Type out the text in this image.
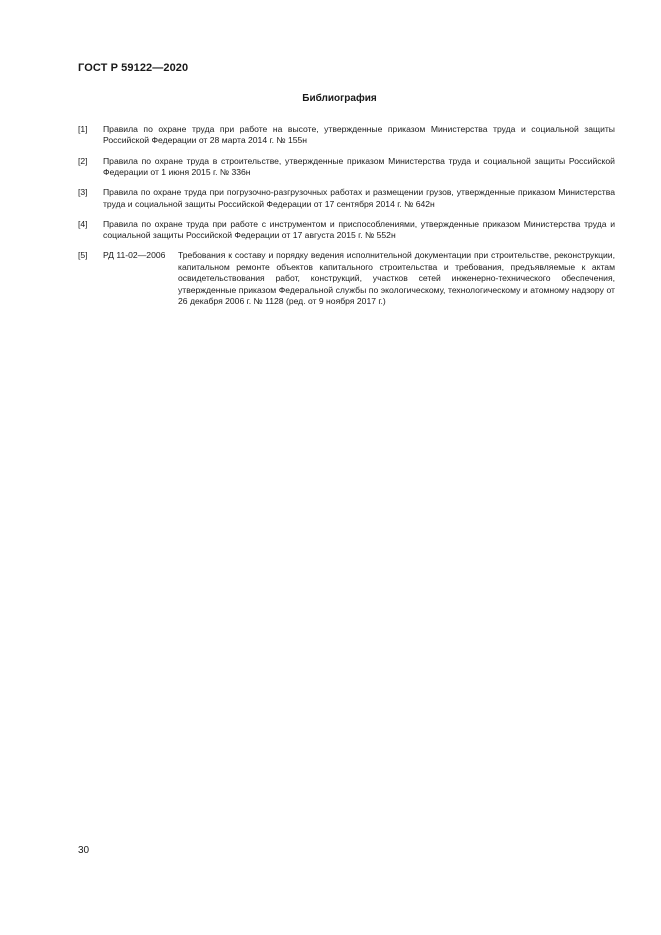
ГОСТ Р 59122—2020
Библиография
[1] Правила по охране труда при работе на высоте, утвержденные приказом Министерства труда и социальной защиты Российской Федерации от 28 марта 2014 г. № 155н
[2] Правила по охране труда в строительстве, утвержденные приказом Министерства труда и социальной защиты Российской Федерации от 1 июня 2015 г. № 336н
[3] Правила по охране труда при погрузочно-разгрузочных работах и размещении грузов, утвержденные приказом Министерства труда и социальной защиты Российской Федерации от 17 сентября 2014 г. № 642н
[4] Правила по охране труда при работе с инструментом и приспособлениями, утвержденные приказом Министерства труда и социальной защиты Российской Федерации от 17 августа 2015 г. № 552н
[5] РД 11-02—2006 Требования к составу и порядку ведения исполнительной документации при строительстве, реконструкции, капитальном ремонте объектов капитального строительства и требования, предъявляемые к актам освидетельствования работ, конструкций, участков сетей инженерно-технического обеспечения, утвержденные приказом Федеральной службы по экологическому, технологическому и атомному надзору от 26 декабря 2006 г. № 1128 (ред. от 9 ноября 2017 г.)
30
